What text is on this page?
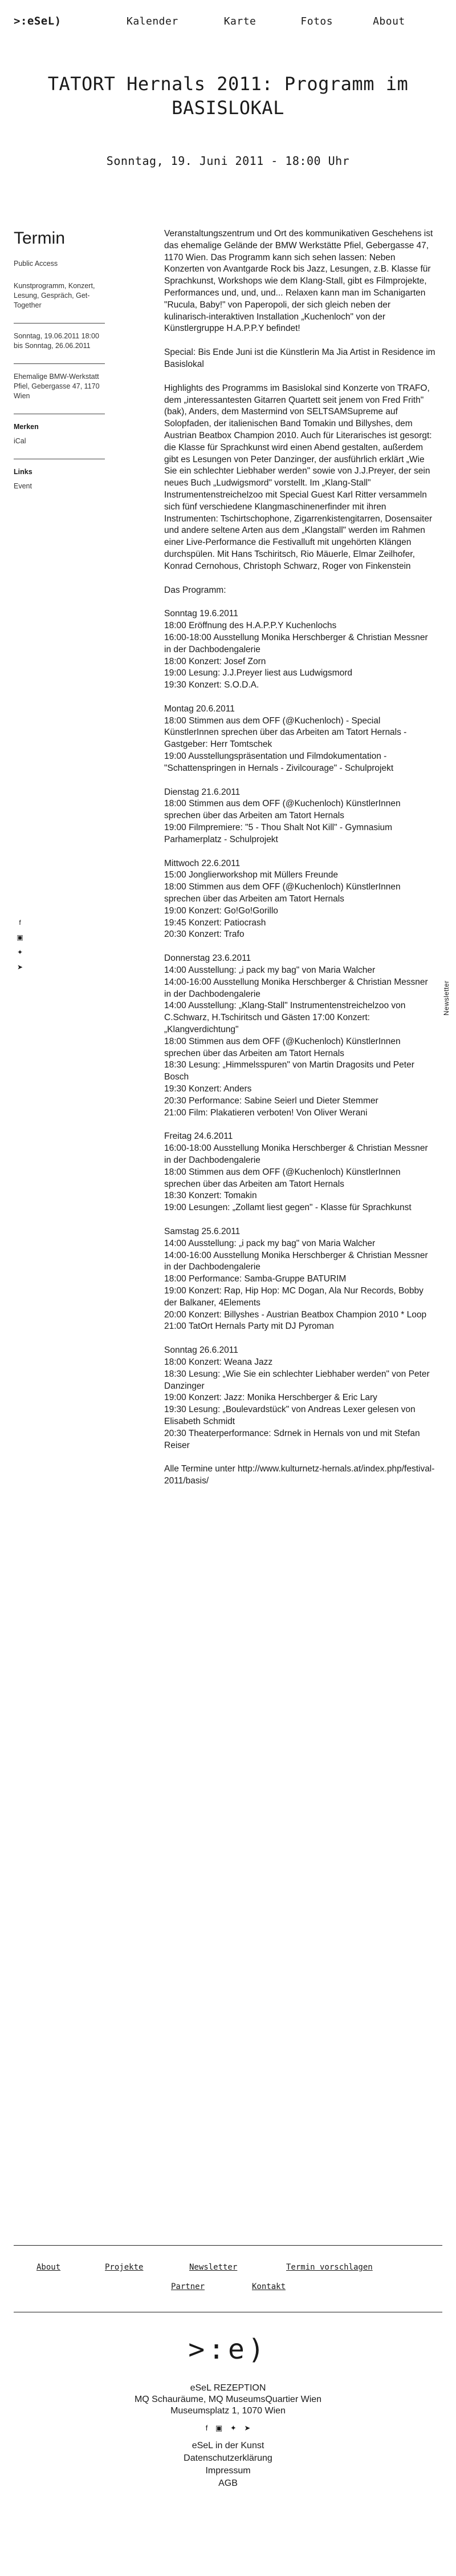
>:eSeL)	Kalender	Karte	Fotos	About
TATORT Hernals 2011: Programm im BASISLOKAL
Sonntag, 19. Juni 2011 - 18:00 Uhr
Termin
Public Access
Kunstprogramm, Konzert, Lesung, Gespräch, Get-Together
Sonntag, 19.06.2011 18:00 bis Sonntag, 26.06.2011
Ehemalige BMW-Werkstatt Pfiel, Gebergasse 47, 1170 Wien
Merken
iCal
Links
Event
f
▣
✦
➤
Newsletter

Veranstaltungszentrum und Ort des kommunikativen Geschehens ist das ehemalige Gelände der BMW Werkstätte Pfiel, Gebergasse 47, 1170 Wien. Das Programm kann sich sehen lassen: Neben Konzerten von Avantgarde Rock bis Jazz, Lesungen, z.B. Klasse für Sprachkunst, Workshops wie dem Klang-Stall, gibt es Filmprojekte, Performances und, und, und... Relaxen kann man im Schanigarten "Rucula, Baby!" von Paperopoli, der sich gleich neben der kulinarisch-interaktiven Installation „Kuchenloch" von der Künstlergruppe H.A.P.P.Y befindet!

Special: Bis Ende Juni ist die Künstlerin Ma Jia Artist in Residence im Basislokal

Highlights des Programms im Basislokal sind Konzerte von TRAFO, dem „interessantesten Gitarren Quartett seit jenem von Fred Frith" (bak), Anders, dem Mastermind von SELTSAMSupreme auf Solopfaden, der italienischen Band Tomakin und Billyshes, dem Austrian Beatbox Champion 2010. Auch für Literarisches ist gesorgt: die Klasse für Sprachkunst wird einen Abend gestalten, außerdem gibt es Lesungen von Peter Danzinger, der ausführlich erklärt „Wie Sie ein schlechter Liebhaber werden" sowie von J.J.Preyer, der sein neues Buch „Ludwigsmord" vorstellt. Im „Klang-Stall" Instrumentenstreichelzoo mit Special Guest Karl Ritter versammeln sich fünf verschiedene Klangmaschinenerfinder mit ihren Instrumenten: Tschirtschophone, Zigarrenkistengitarren, Dosensaiter und andere seltene Arten aus dem „Klangstall" werden im Rahmen einer Live-Performance die Festivalluft mit ungehörten Klängen durchspülen. Mit Hans Tschiritsch, Rio Mäuerle, Elmar Zeilhofer, Konrad Cernohous, Christoph Schwarz, Roger von Finkenstein

Das Programm:

Sonntag 19.6.2011
18:00 Eröffnung des H.A.P.P.Y Kuchenlochs
16:00-18:00 Ausstellung Monika Herschberger & Christian Messner in der Dachbodengalerie
18:00 Konzert: Josef Zorn
19:00 Lesung: J.J.Preyer liest aus Ludwigsmord
19:30 Konzert: S.O.D.A.
Montag 20.6.2011
18:00 Stimmen aus dem OFF (@Kuchenloch) - Special KünstlerInnen sprechen über das Arbeiten am Tatort Hernals - Gastgeber: Herr Tomtschek
19:00 Ausstellungspräsentation und Filmdokumentation - "Schattenspringen in Hernals - Zivilcourage" - Schulprojekt
Dienstag 21.6.2011
18:00 Stimmen aus dem OFF (@Kuchenloch) KünstlerInnen sprechen über das Arbeiten am Tatort Hernals
19:00 Filmpremiere: "5 - Thou Shalt Not Kill" - Gymnasium Parhamerplatz - Schulprojekt
Mittwoch 22.6.2011
15:00 Jonglierworkshop mit Müllers Freunde
18:00 Stimmen aus dem OFF (@Kuchenloch) KünstlerInnen sprechen über das Arbeiten am Tatort Hernals
19:00 Konzert: Go!Go!Gorillo
19:45 Konzert: Patiocrash
20:30 Konzert: Trafo
Donnerstag 23.6.2011
14:00 Ausstellung: „i pack my bag" von Maria Walcher
14:00-16:00 Ausstellung Monika Herschberger & Christian Messner in der Dachbodengalerie
14:00 Ausstellung: „Klang-Stall" Instrumentenstreichelzoo von C.Schwarz, H.Tschiritsch und Gästen 17:00 Konzert: „Klangverdichtung"
18:00 Stimmen aus dem OFF (@Kuchenloch) KünstlerInnen sprechen über das Arbeiten am Tatort Hernals
18:30 Lesung: „Himmelsspuren" von Martin Dragosits und Peter Bosch
19:30 Konzert: Anders
20:30 Performance: Sabine Seierl und Dieter Stemmer
21:00 Film: Plakatieren verboten! Von Oliver Werani
Freitag 24.6.2011
16:00-18:00 Ausstellung Monika Herschberger & Christian Messner in der Dachbodengalerie
18:00 Stimmen aus dem OFF (@Kuchenloch) KünstlerInnen sprechen über das Arbeiten am Tatort Hernals
18:30 Konzert: Tomakin
19:00 Lesungen: „Zollamt liest gegen" - Klasse für Sprachkunst
Samstag 25.6.2011
14:00 Ausstellung: „i pack my bag" von Maria Walcher
14:00-16:00 Ausstellung Monika Herschberger & Christian Messner in der Dachbodengalerie
18:00 Performance: Samba-Gruppe BATURIM
19:00 Konzert: Rap, Hip Hop: MC Dogan, Ala Nur Records, Bobby der Balkaner, 4Elements
20:00 Konzert: Billyshes - Austrian Beatbox Champion 2010 * Loop
21:00 TatOrt Hernals Party mit DJ Pyroman
Sonntag 26.6.2011
18:00 Konzert: Weana Jazz
18:30 Lesung: „Wie Sie ein schlechter Liebhaber werden" von Peter Danzinger
19:00 Konzert: Jazz: Monika Herschberger & Eric Lary
19:30 Lesung: „Boulevardstück" von Andreas Lexer gelesen von Elisabeth Schmidt
20:30 Theaterperformance: Sdrnek in Hernals von und mit Stefan Reiser

Alle Termine unter http://www.kulturnetz-hernals.at/index.php/festival-2011/basis/

About	Projekte	Newsletter	Termin vorschlagen
Partner	Kontakt
>:e)
eSeL REZEPTION
MQ Schauräume, MQ MuseumsQuartier Wien
Museumsplatz 1, 1070 Wien
f ▣ ✦ ➤
eSeL in der Kunst
Datenschutzerklärung
Impressum
AGB
